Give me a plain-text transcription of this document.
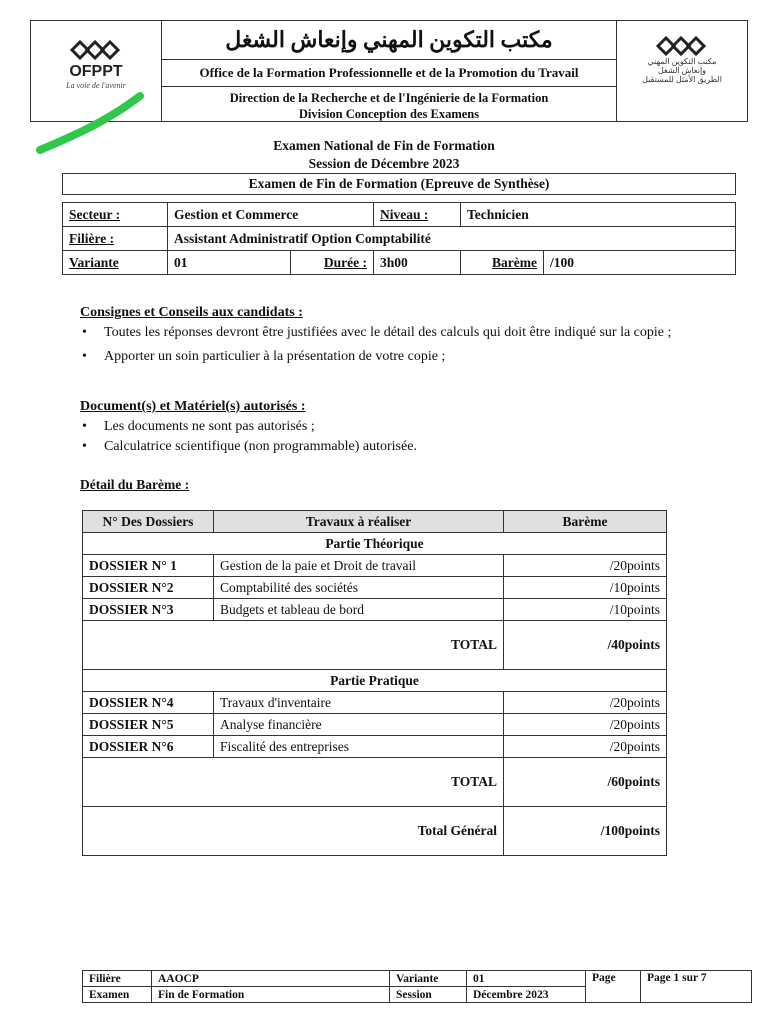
OFPPT
La voie de l'avenir
مكتب التكوين المهني وإنعاش الشغل
Office de la Formation Professionnelle et de la Promotion du Travail
Direction de la Recherche et de l'Ingénierie de la Formation
Division Conception des Examens
مكتب التكوين المهني
وإنعاش الشغل
الطريق الأمثل للمستقبل
Examen National de Fin de Formation
Session de Décembre 2023
Examen de Fin de Formation (Epreuve de Synthèse)
Secteur :	Gestion et Commerce		Niveau :	Technicien	
Filière :	Assistant Administratif Option Comptabilité				
Variante	01	Durée :	3h00	Barème	/100
Consignes et Conseils aux candidats :
• Toutes les réponses devront être justifiées avec le détail des calculs qui doit être indiqué sur la copie ;
• Apporter un soin particulier à la présentation de votre copie ;
Document(s) et Matériel(s) autorisés :
• Les documents ne sont pas autorisés ;
• Calculatrice scientifique (non programmable) autorisée.
Détail du Barème :
N° Des Dossiers	Travaux à réaliser	Barème
Partie Théorique		
DOSSIER N° 1	Gestion de la paie et Droit de travail	/20points
DOSSIER N°2	Comptabilité des sociétés	/10points
DOSSIER N°3	Budgets et tableau de bord	/10points
TOTAL		/40points
Partie Pratique		
DOSSIER N°4	Travaux d'inventaire	/20points
DOSSIER N°5	Analyse financière	/20points
DOSSIER N°6	Fiscalité des entreprises	/20points
TOTAL		/60points
Total Général		/100points
Filière	AAOCP	Variante	01	Page	Page 1 sur 7
Examen	Fin de Formation	Session	Décembre 2023		
